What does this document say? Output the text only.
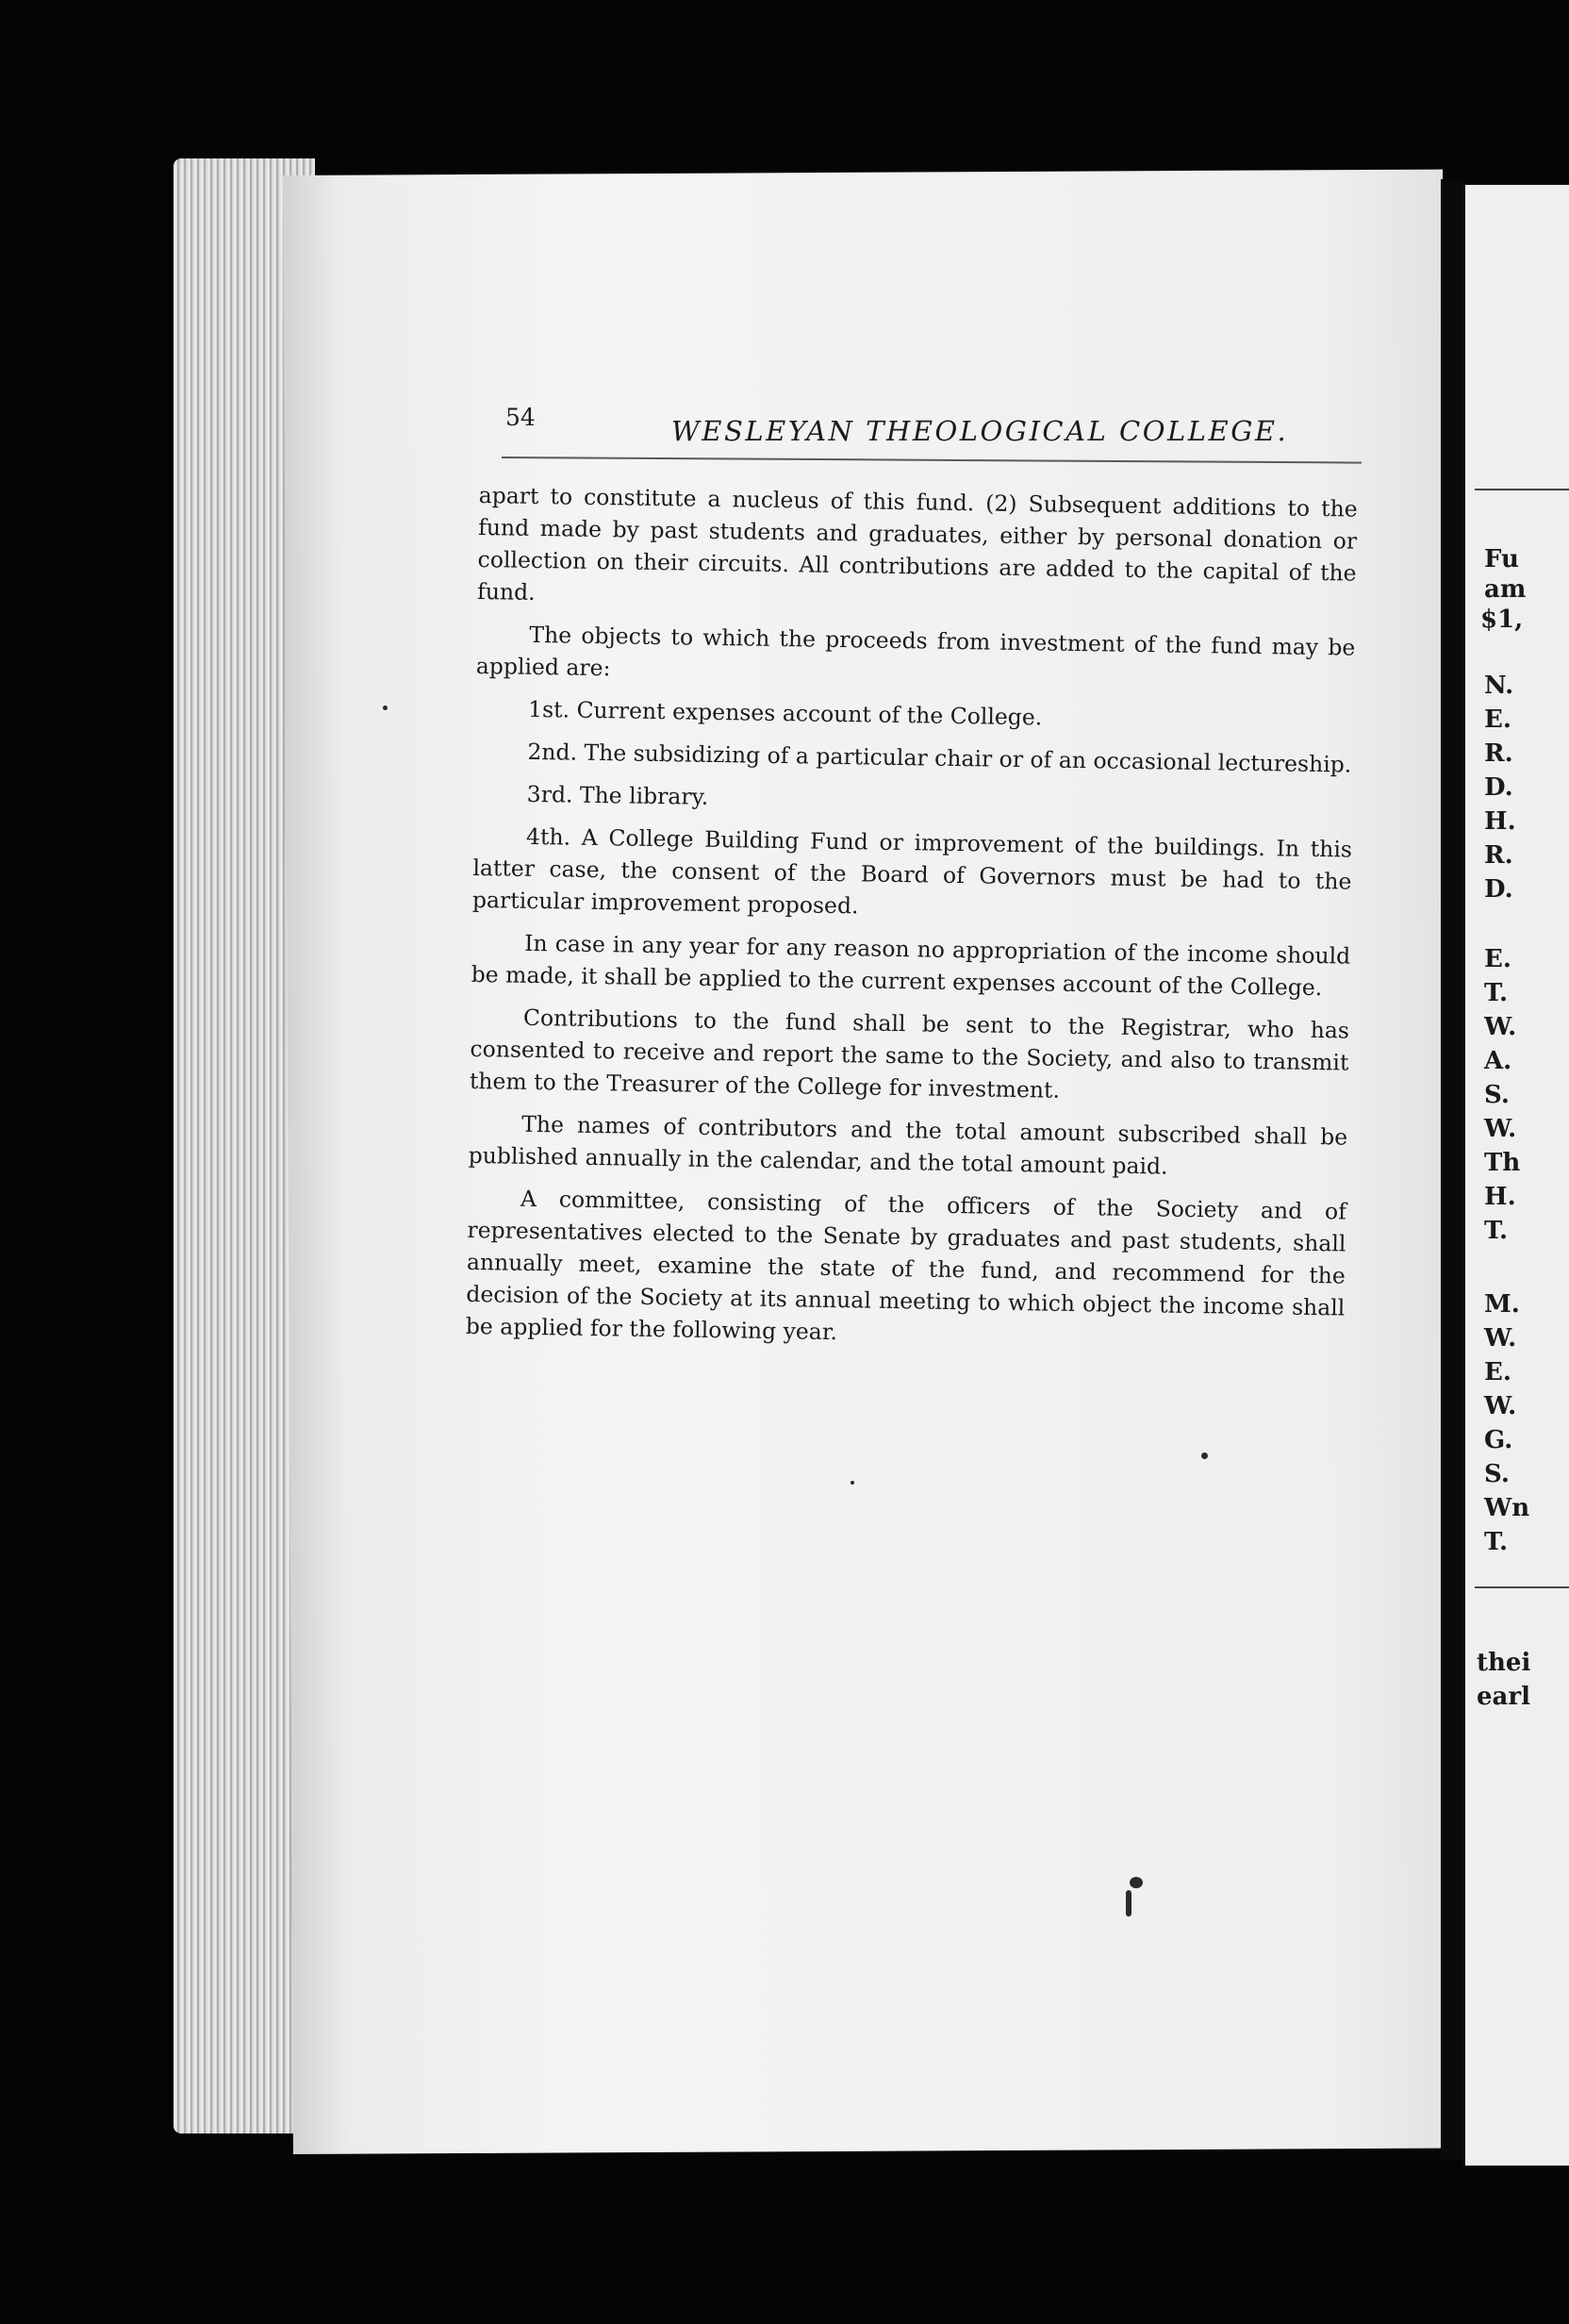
Fu
am
$1,
N.
E.
R.
D.
H.
R.
D.
E.
T.
W.
A.
S.
W.
Th
H.
T.
M.
W.
E.
W.
G.
S.
Wn
T.
thei
earl
54	WESLEYAN THEOLOGICAL COLLEGE.

apart to constitute a nucleus of this fund. (2) Subsequent additions to the fund made by past students and graduates, either by personal donation or collection on their circuits. All contributions are added to the capital of the fund.

The objects to which the proceeds from investment of the fund may be applied are:

1st. Current expenses account of the College.

2nd. The subsidizing of a particular chair or of an occasional lectureship.

3rd. The library.

4th. A College Building Fund or improvement of the buildings. In this latter case, the consent of the Board of Governors must be had to the particular improvement proposed.

In case in any year for any reason no appropriation of the income should be made, it shall be applied to the current expenses account of the College.

Contributions to the fund shall be sent to the Registrar, who has consented to receive and report the same to the Society, and also to transmit them to the Treasurer of the College for investment.

The names of contributors and the total amount subscribed shall be published annually in the calendar, and the total amount paid.

A committee, consisting of the officers of the Society and of representatives elected to the Senate by graduates and past students, shall annually meet, examine the state of the fund, and recommend for the decision of the Society at its annual meeting to which object the income shall be applied for the following year.
